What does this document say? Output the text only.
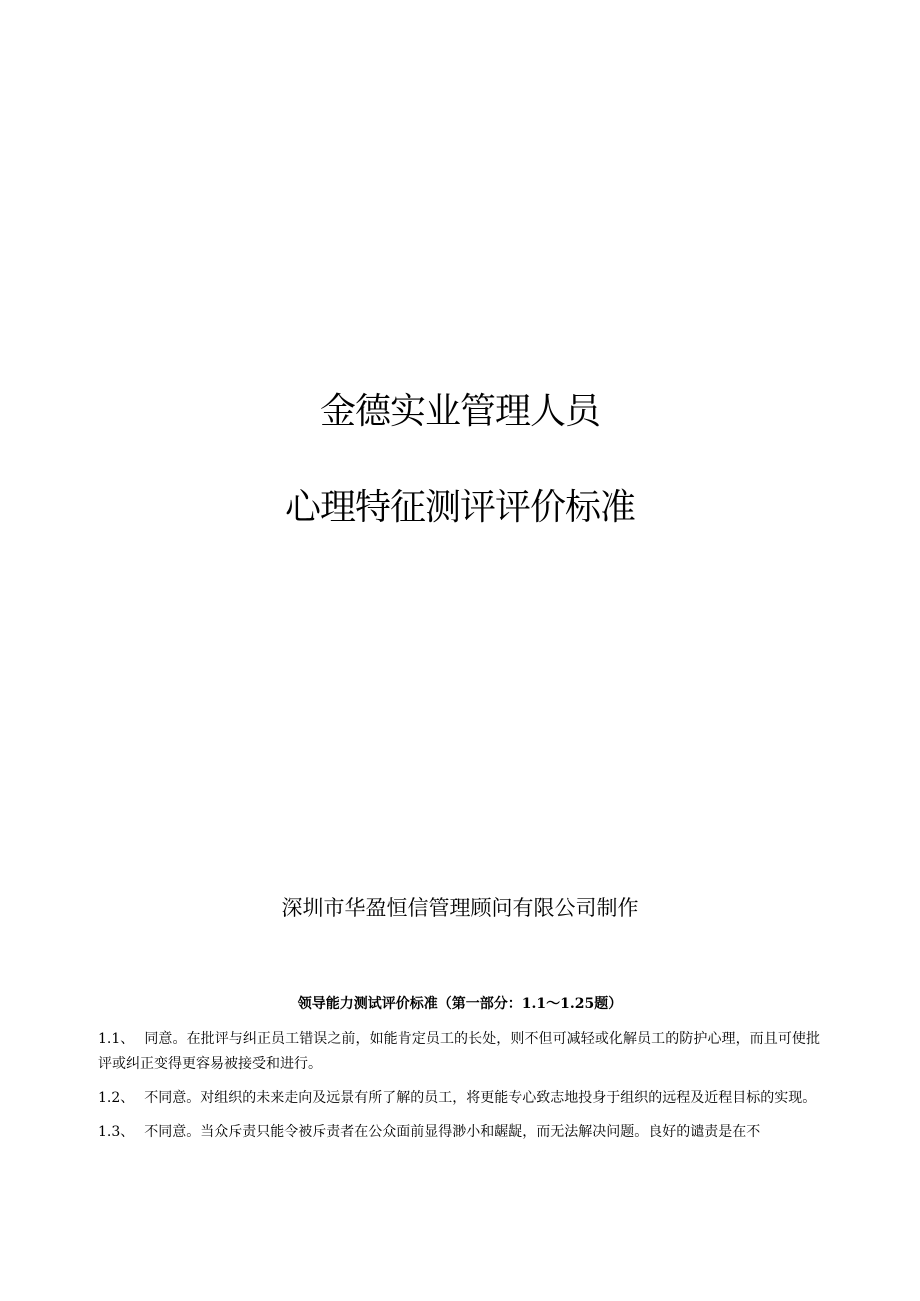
金德实业管理人员
心理特征测评评价标准
深圳市华盈恒信管理顾问有限公司制作
领导能力测试评价标准（第一部分：1.1～1.25题）

1.1、 同意。在批评与纠正员工错误之前，如能肯定员工的长处，则不但可减轻或化解员工的防护心理，而且可使批评或纠正变得更容易被接受和进行。

1.2、 不同意。对组织的未来走向及远景有所了解的员工，将更能专心致志地投身于组织的远程及近程目标的实现。

1.3、 不同意。当众斥责只能令被斥责者在公众面前显得渺小和龌龊，而无法解决问题。良好的谴责是在不
